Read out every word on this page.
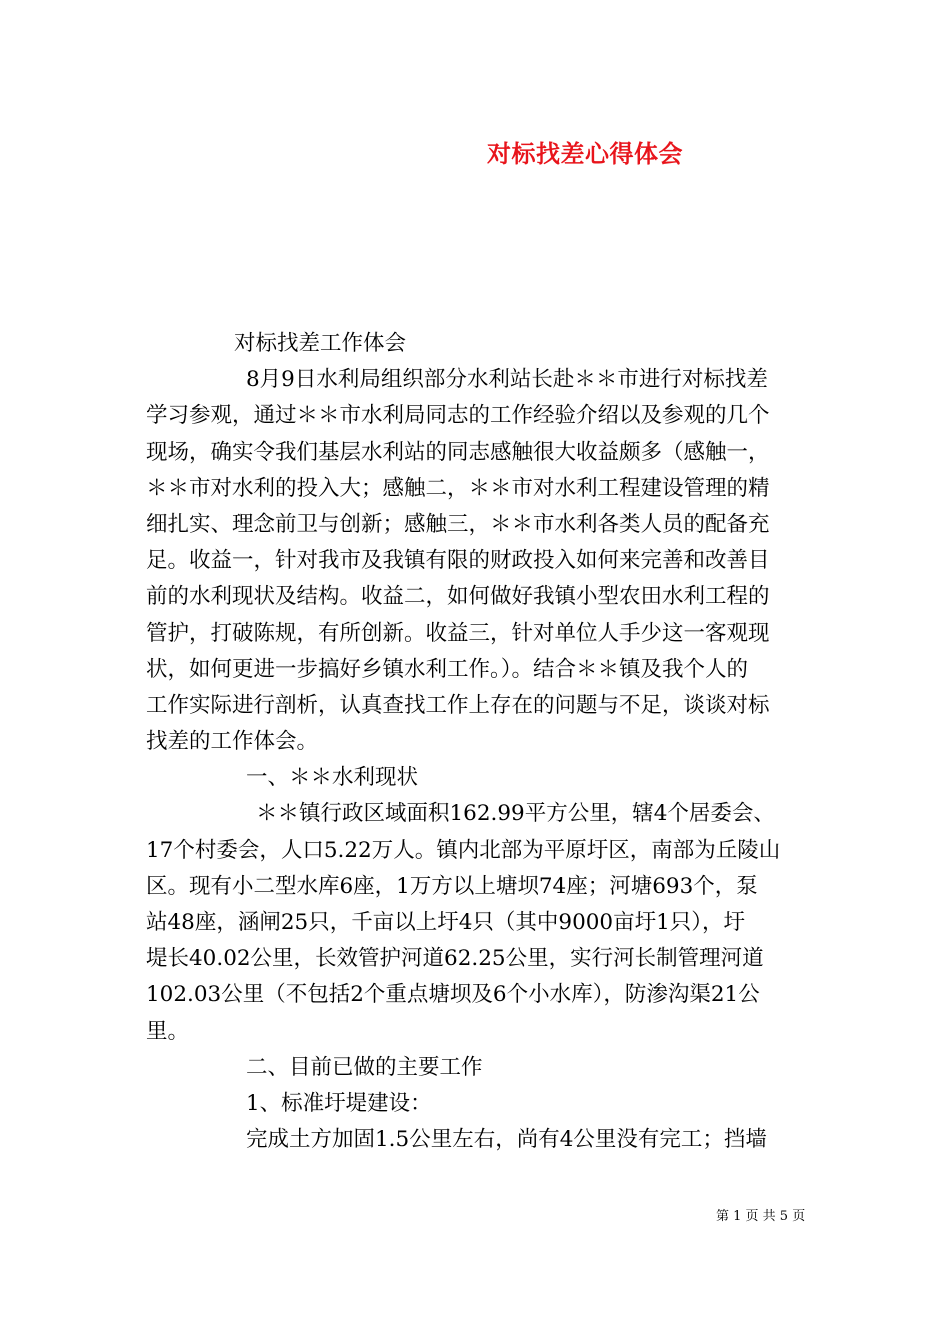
对标找差心得体会
对标找差工作体会
8月9日水利局组织部分水利站长赴＊＊市进行对标找差
学习参观，通过＊＊市水利局同志的工作经验介绍以及参观的几个
现场，确实令我们基层水利站的同志感触很大收益颇多（感触一，
＊＊市对水利的投入大；感触二，＊＊市对水利工程建设管理的精
细扎实、理念前卫与创新；感触三，＊＊市水利各类人员的配备充
足。收益一，针对我市及我镇有限的财政投入如何来完善和改善目
前的水利现状及结构。收益二，如何做好我镇小型农田水利工程的
管护，打破陈规，有所创新。收益三，针对单位人手少这一客观现
状，如何更进一步搞好乡镇水利工作。）。结合＊＊镇及我个人的
工作实际进行剖析，认真查找工作上存在的问题与不足，谈谈对标
找差的工作体会。
一、＊＊水利现状
＊＊镇行政区域面积162.99平方公里，辖4个居委会、
17个村委会，人口5.22万人。镇内北部为平原圩区，南部为丘陵山
区。现有小二型水库6座，1万方以上塘坝74座；河塘693个，泵
站48座，涵闸25只，千亩以上圩4只（其中9000亩圩1只），圩
堤长40.02公里，长效管护河道62.25公里，实行河长制管理河道
102.03公里（不包括2个重点塘坝及6个小水库），防渗沟渠21公
里。
二、目前已做的主要工作
1、标准圩堤建设：
完成土方加固1.5公里左右，尚有4公里没有完工；挡墙
第 1 页 共 5 页
